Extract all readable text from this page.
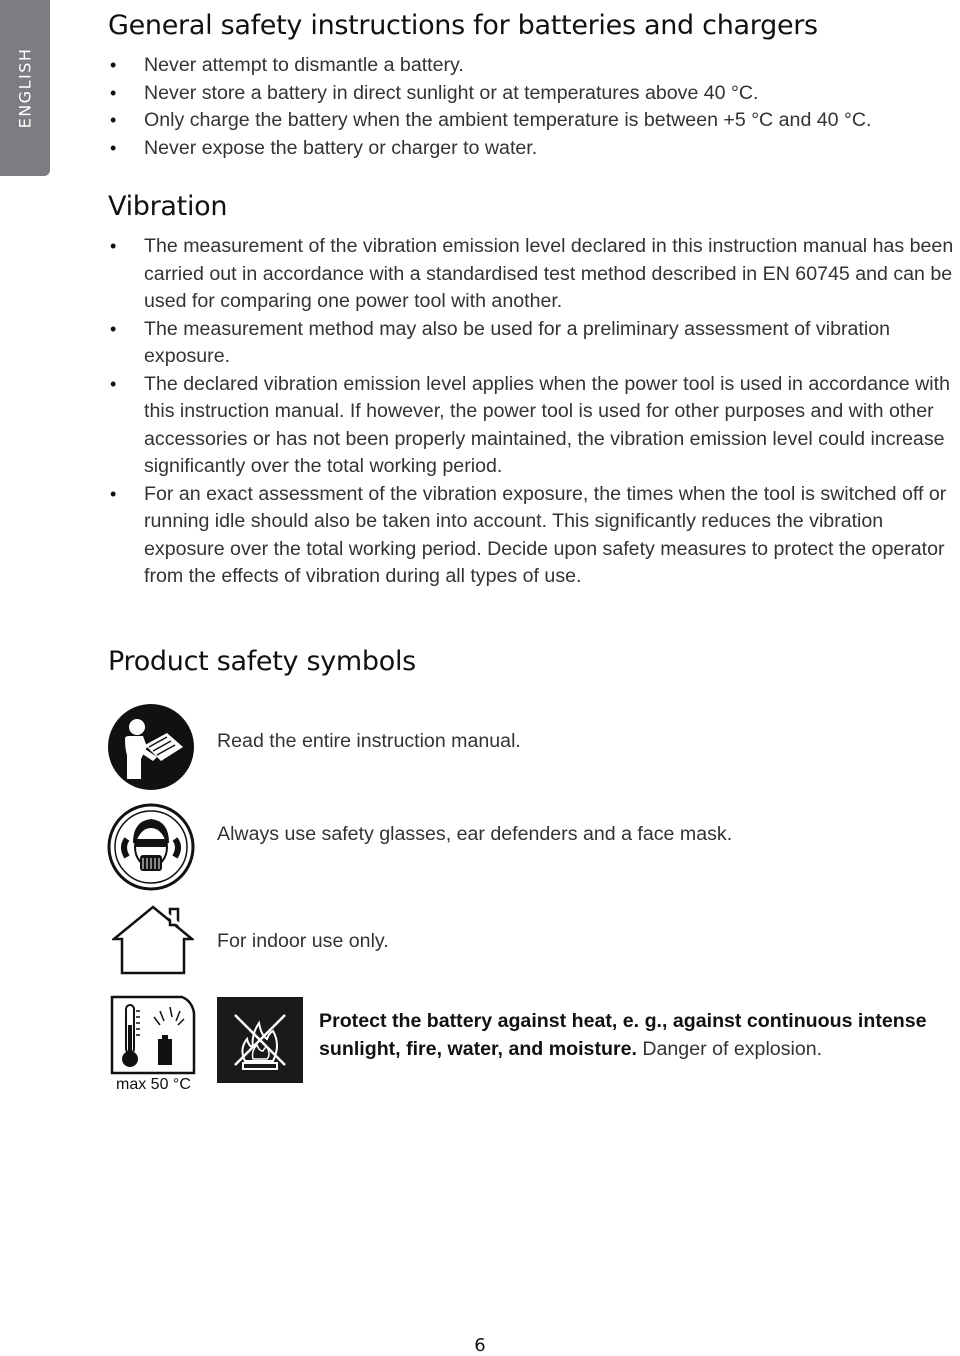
ENGLISH
General safety instructions for batteries and chargers
• Never attempt to dismantle a battery.
• Never store a battery in direct sunlight or at temperatures above 40 °C.
• Only charge the battery when the ambient temperature is between +5 °C and 40 °C.
• Never expose the battery or charger to water.
Vibration
• The measurement of the vibration emission level declared in this instruction manual has been carried out in accordance with a standardised test method described in EN 60745 and can be used for comparing one power tool with another.
• The measurement method may also be used for a preliminary assessment of vibration exposure.
• The declared vibration emission level applies when the power tool is used in accordance with this instruction manual. If however, the power tool is used for other purposes and with other accessories or has not been properly maintained, the vibration emission level could increase significantly over the total working period.
• For an exact assessment of the vibration exposure, the times when the tool is switched off or running idle should also be taken into account. This significantly reduces the vibration exposure over the total working period. Decide upon safety measures to protect the operator from the effects of vibration during all types of use.
Product safety symbols
Read the entire instruction manual.
Always use safety glasses, ear defenders and a face mask.
For indoor use only.
max 50 °C
Protect the battery against heat, e. g., against continuous intense sunlight, fire, water, and moisture. Danger of explosion.
6
